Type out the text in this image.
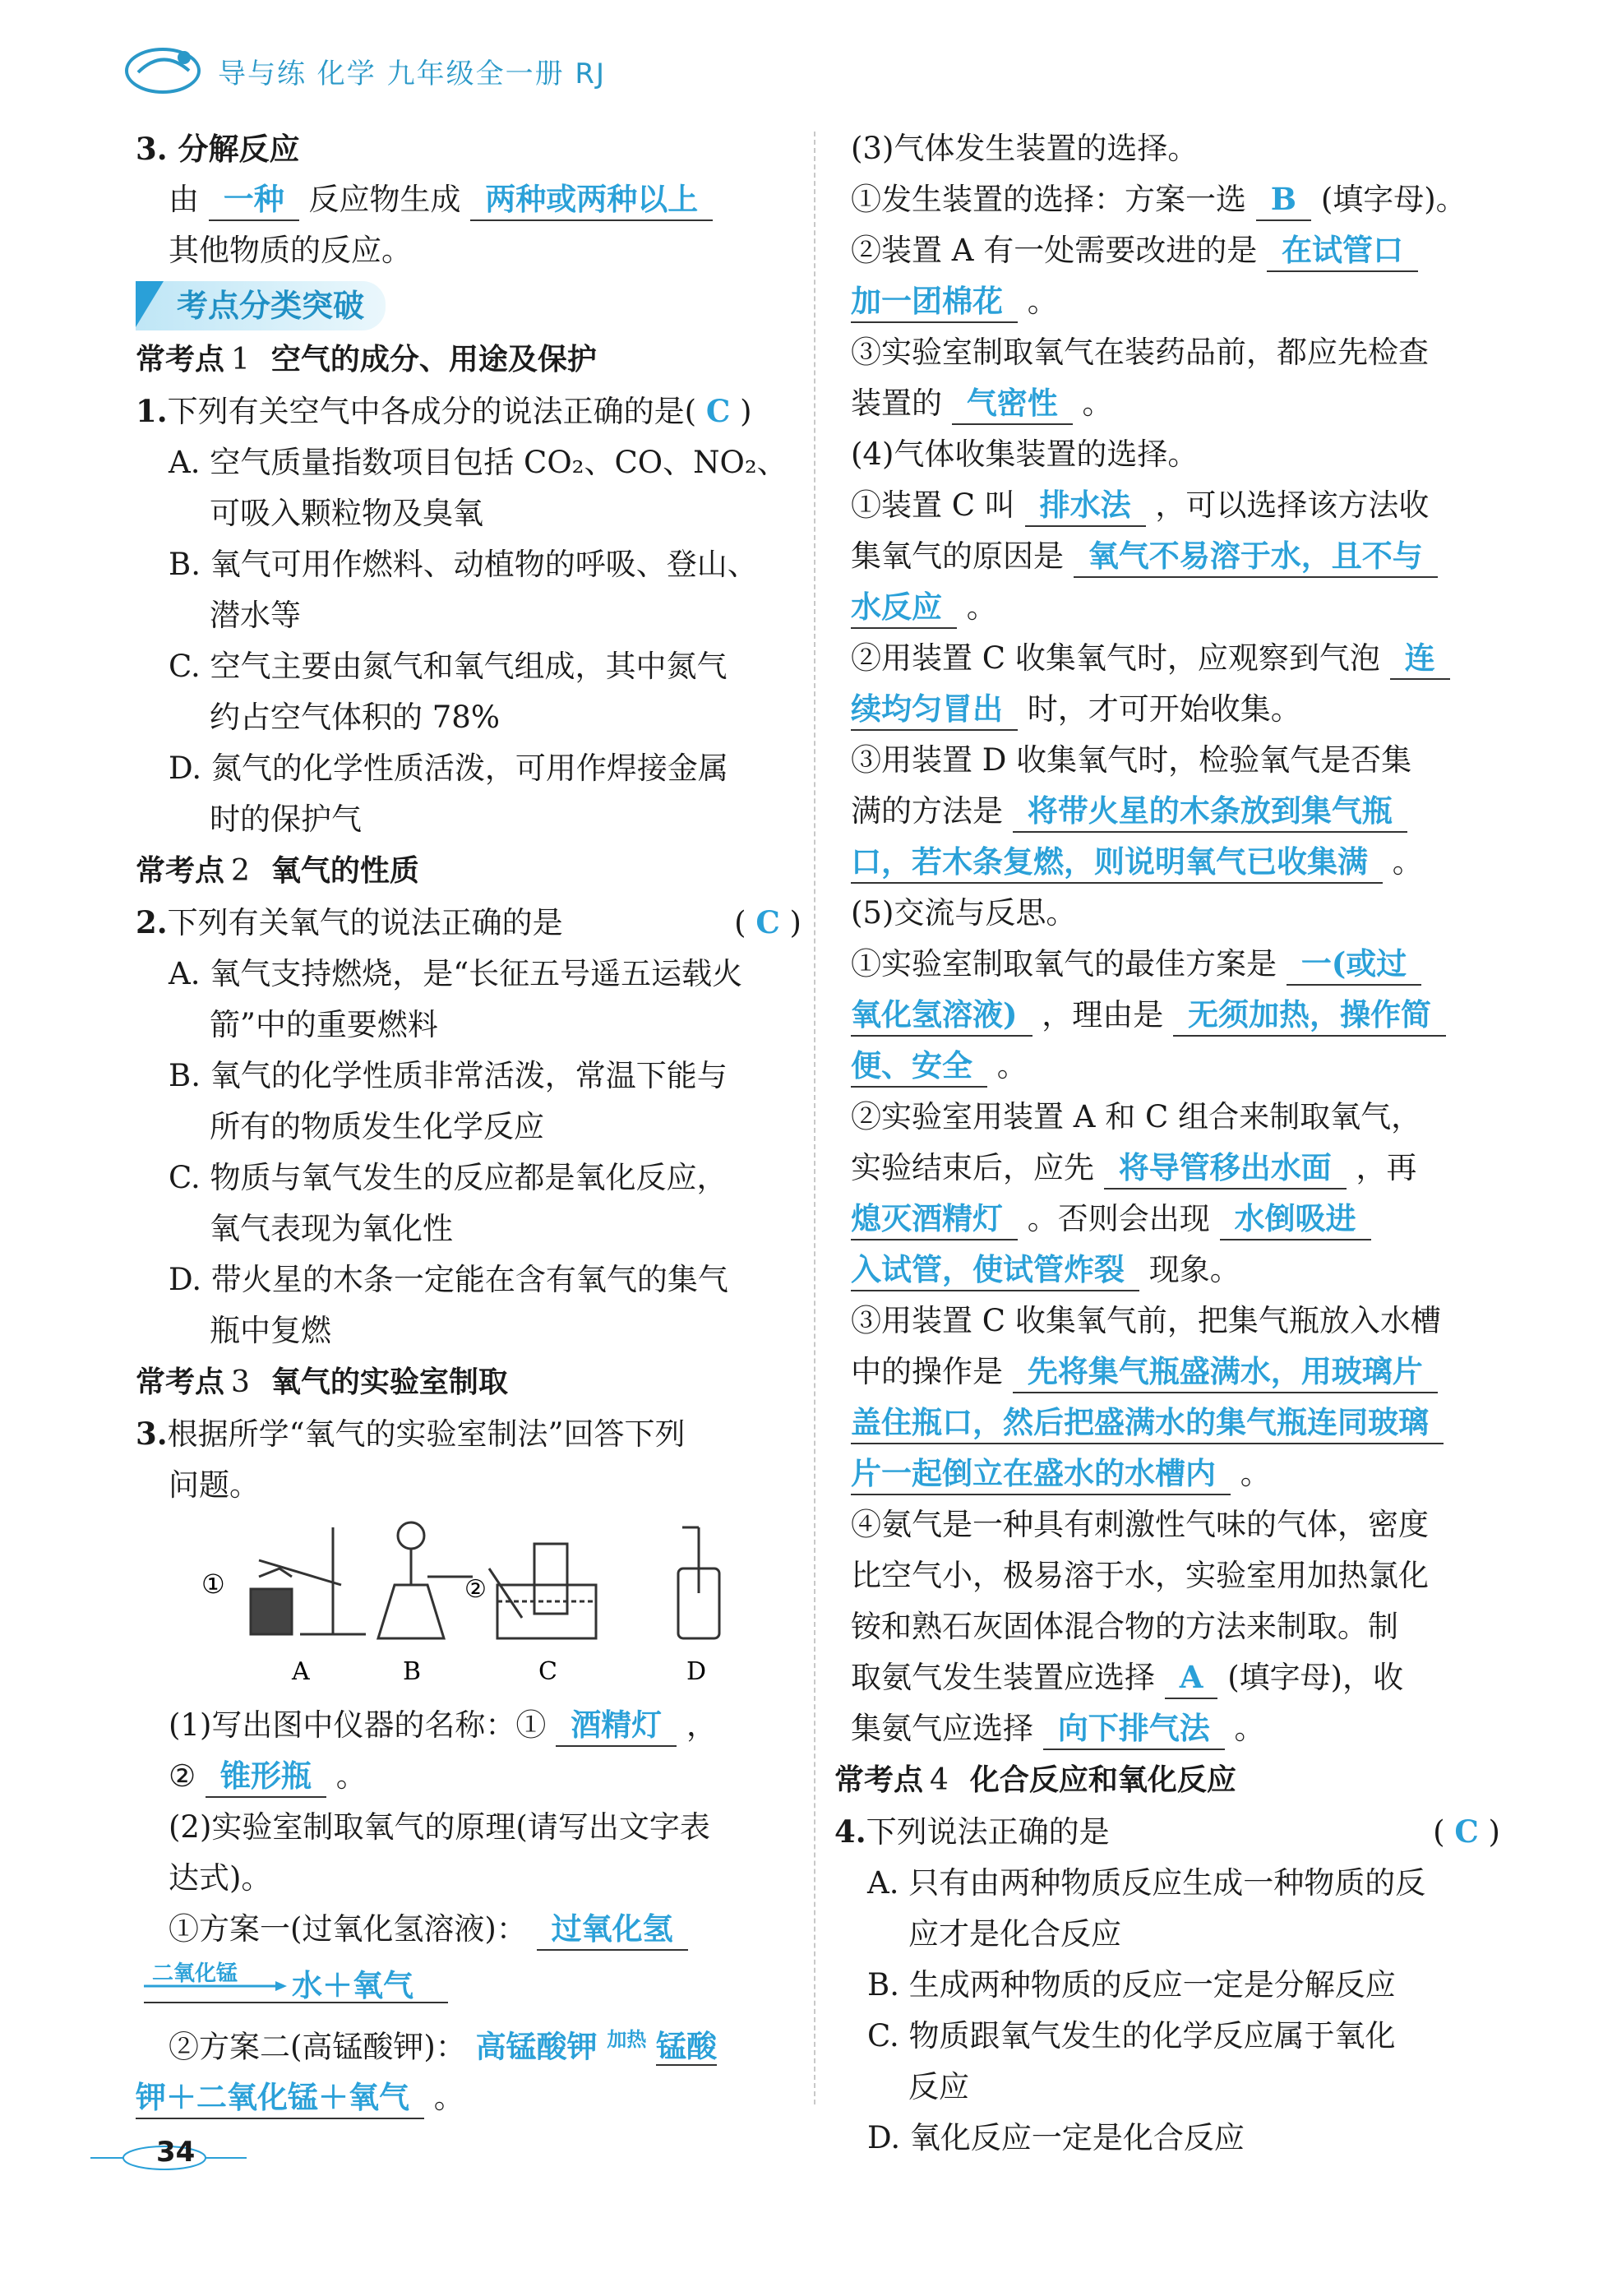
导与练 化学 九年级全一册 RJ
3. 分解反应
由 一种 反应物生成 两种或两种以上
其他物质的反应。
考点分类突破
常考点 1 空气的成分、用途及保护
1.下列有关空气中各成分的说法正确的是( C )
A. 空气质量指数项目包括 CO₂、CO、NO₂、
可吸入颗粒物及臭氧
B. 氧气可用作燃料、动植物的呼吸、登山、
潜水等
C. 空气主要由氮气和氧气组成，其中氮气
约占空气体积的 78%
D. 氮气的化学性质活泼，可用作焊接金属
时的保护气
常考点 2 氧气的性质
2.下列有关氧气的说法正确的是	( C )
A. 氧气支持燃烧，是“长征五号遥五运载火
箭”中的重要燃料
B. 氧气的化学性质非常活泼，常温下能与
所有的物质发生化学反应
C. 物质与氧气发生的反应都是氧化反应，
氧气表现为氧化性
D. 带火星的木条一定能在含有氧气的集气
瓶中复燃
常考点 3 氧气的实验室制取
3.根据所学“氧气的实验室制法”回答下列
问题。
①	②
A	B	C	D
(1)写出图中仪器的名称：① 酒精灯 ，
② 锥形瓶 。
(2)实验室制取氧气的原理(请写出文字表
达式)。
①方案一(过氧化氢溶液)： 过氧化氢
二氧化锰 水＋氧气
②方案二(高锰酸钾)： 高锰酸钾 $^{加热}$ 锰酸
钾＋二氧化锰＋氧气 。
(3)气体发生装置的选择。
①发生装置的选择：方案一选 B (填字母)。
②装置 A 有一处需要改进的是 在试管口
加一团棉花 。
③实验室制取氧气在装药品前，都应先检查
装置的 气密性 。
(4)气体收集装置的选择。
①装置 C 叫 排水法 ，可以选择该方法收
集氧气的原因是 氧气不易溶于水，且不与
水反应 。
②用装置 C 收集氧气时，应观察到气泡 连
续均匀冒出 时，才可开始收集。
③用装置 D 收集氧气时，检验氧气是否集
满的方法是 将带火星的木条放到集气瓶
口，若木条复燃，则说明氧气已收集满 。
(5)交流与反思。
①实验室制取氧气的最佳方案是 一(或过
氧化氢溶液) ，理由是 无须加热，操作简
便、安全 。
②实验室用装置 A 和 C 组合来制取氧气，
实验结束后，应先 将导管移出水面 ，再
熄灭酒精灯 。否则会出现 水倒吸进
入试管，使试管炸裂 现象。
③用装置 C 收集氧气前，把集气瓶放入水槽
中的操作是 先将集气瓶盛满水，用玻璃片
盖住瓶口，然后把盛满水的集气瓶连同玻璃
片一起倒立在盛水的水槽内 。
④氨气是一种具有刺激性气味的气体，密度
比空气小，极易溶于水，实验室用加热氯化
铵和熟石灰固体混合物的方法来制取。制
取氨气发生装置应选择 A (填字母)，收
集氨气应选择 向下排气法 。
常考点 4 化合反应和氧化反应
4.下列说法正确的是	( C )
A. 只有由两种物质反应生成一种物质的反
应才是化合反应
B. 生成两种物质的反应一定是分解反应
C. 物质跟氧气发生的化学反应属于氧化
反应
D. 氧化反应一定是化合反应
34
